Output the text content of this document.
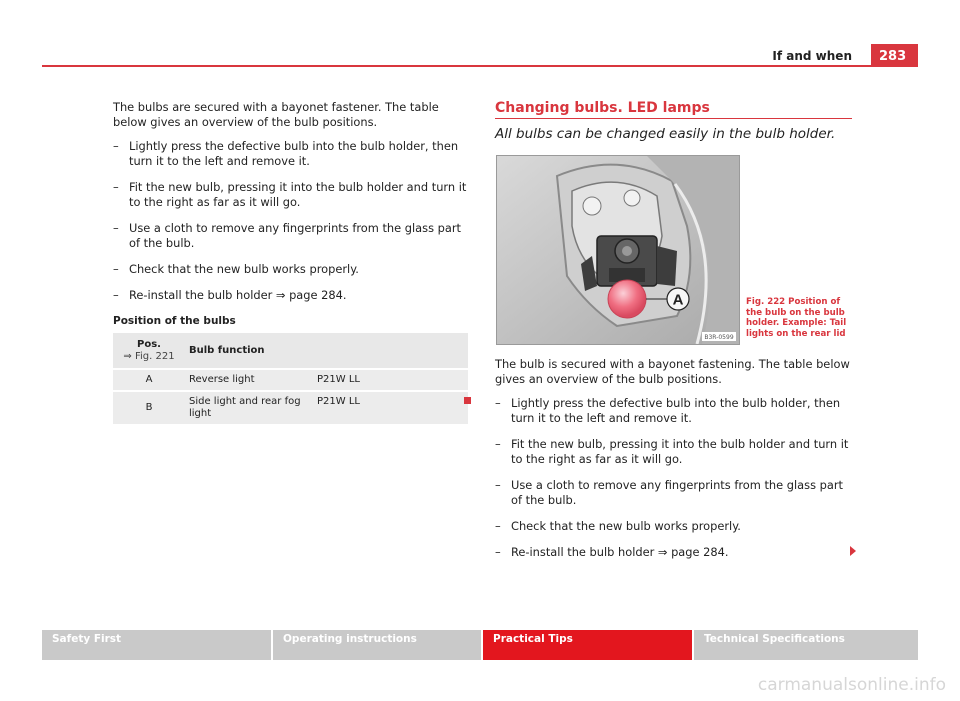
If and when	283

The bulbs are secured with a bayonet fastener. The table below gives an overview of the bulb positions.

– Lightly press the defective bulb into the bulb holder, then turn it to the left and remove it.
– Fit the new bulb, pressing it into the bulb holder and turn it to the right as far as it will go.
– Use a cloth to remove any fingerprints from the glass part of the bulb.
– Check that the new bulb works properly.
– Re-install the bulb holder ⇒ page 284.
Position of the bulbs
Pos.
⇒ Fig. 221	Bulb function	
A	Reverse light	P21W LL
B	Side light and rear fog light	P21W LL
Changing bulbs. LED lamps
All bulbs can be changed easily in the bulb holder.
A
B3R-0599
Fig. 222 Position of the bulb on the bulb holder. Example: Tail lights on the rear lid

The bulb is secured with a bayonet fastening. The table below gives an overview of the bulb positions.

– Lightly press the defective bulb into the bulb holder, then turn it to the left and remove it.
– Fit the new bulb, pressing it into the bulb holder and turn it to the right as far as it will go.
– Use a cloth to remove any fingerprints from the glass part of the bulb.
– Check that the new bulb works properly.
– Re-install the bulb holder ⇒ page 284.
Safety First	Operating instructions	Practical Tips	Technical Specifications
carmanualsonline.info
